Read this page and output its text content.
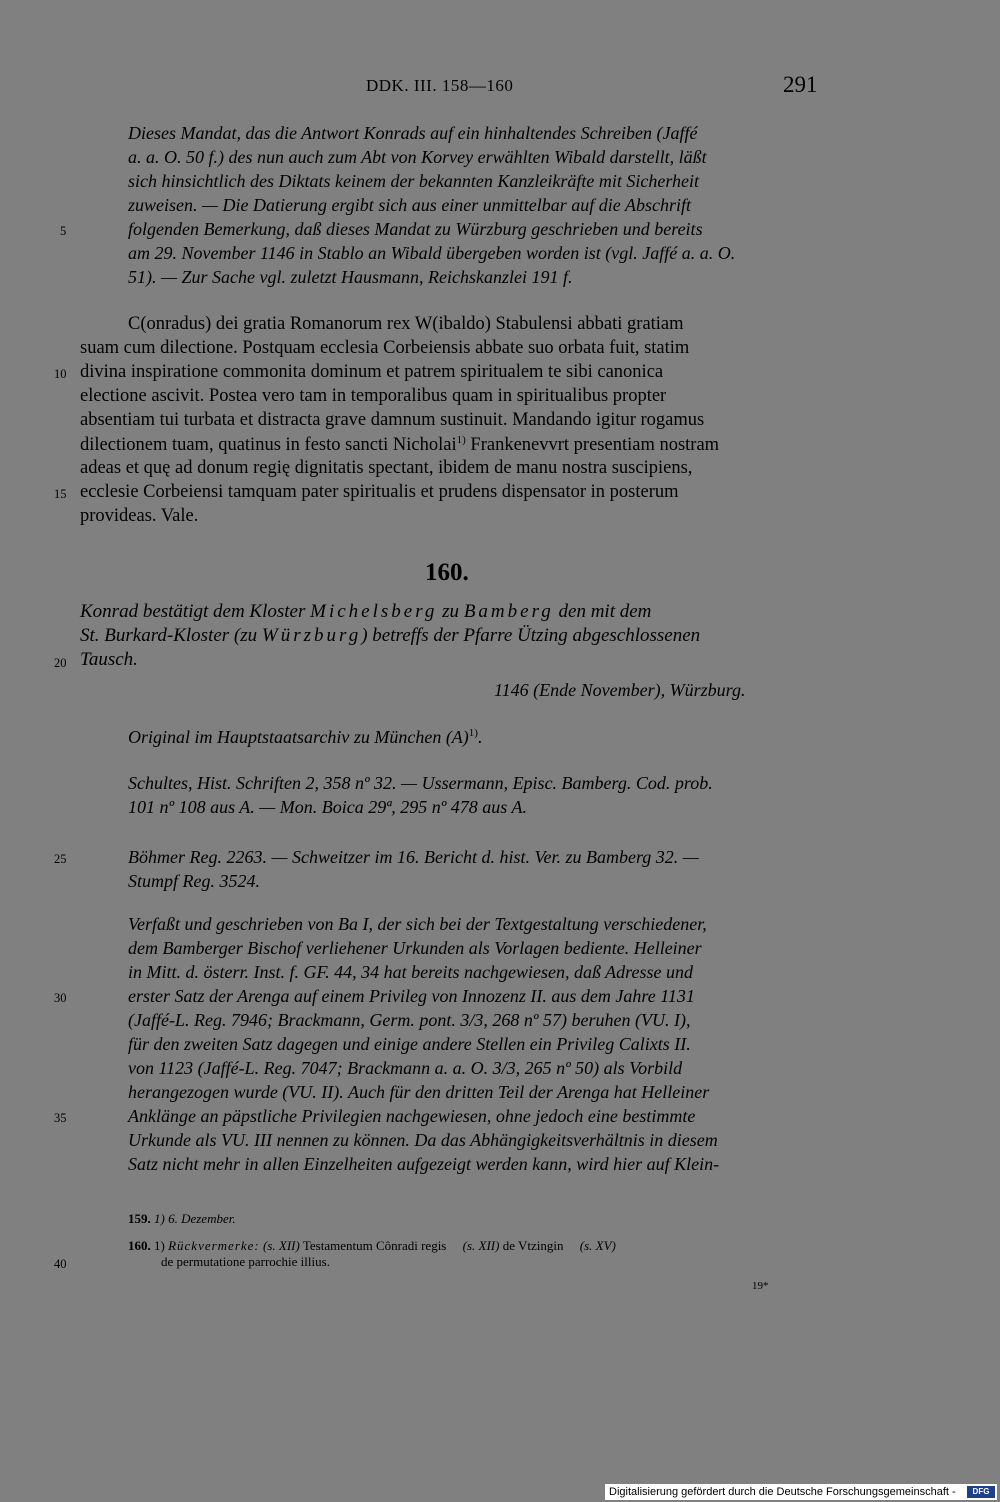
DDK. III. 158—160	291
Dieses Mandat, das die Antwort Konrads auf ein hinhaltendes Schreiben (Jaffé
a. a. O. 50 f.) des nun auch zum Abt von Korvey erwählten Wibald darstellt, läßt
sich hinsichtlich des Diktats keinem der bekannten Kanzleikräfte mit Sicherheit
zuweisen. — Die Datierung ergibt sich aus einer unmittelbar auf die Abschrift
folgenden Bemerkung, daß dieses Mandat zu Würzburg geschrieben und bereits
am 29. November 1146 in Stablo an Wibald übergeben worden ist (vgl. Jaffé a. a. O.
51). — Zur Sache vgl. zuletzt Hausmann, Reichskanzlei 191 f.
C(onradus) dei gratia Romanorum rex W(ibaldo) Stabulensi abbati gratiam
suam cum dilectione. Postquam ecclesia Corbeiensis abbate suo orbata fuit, statim
divina inspiratione commonita dominum et patrem spiritualem te sibi canonica
electione ascivit. Postea vero tam in temporalibus quam in spiritualibus propter
absentiam tui turbata et distracta grave damnum sustinuit. Mandando igitur rogamus
dilectionem tuam, quatinus in festo sancti Nicholai$^{1)}$ Frankenevvrt presentiam nostram
adeas et quę ad donum regię dignitatis spectant, ibidem de manu nostra suscipiens,
ecclesie Corbeiensi tamquam pater spiritualis et prudens dispensator in posterum
provideas. Vale.
160.
Konrad bestätigt dem Kloster Michelsberg zu Bamberg den mit dem
St. Burkard-Kloster (zu Würzburg) betreffs der Pfarre Ützing abgeschlossenen
Tausch.
1146 (Ende November), Würzburg.
Original im Hauptstaatsarchiv zu München $(A)^{1)}$.
Schultes, Hist. Schriften 2, 358 nº 32. — Ussermann, Episc. Bamberg. Cod. prob.
101 nº 108 aus A. — Mon. Boica 29ª, 295 nº 478 aus A.
Böhmer Reg. 2263. — Schweitzer im 16. Bericht d. hist. Ver. zu Bamberg 32. —
Stumpf Reg. 3524.
Verfaßt und geschrieben von Ba I, der sich bei der Textgestaltung verschiedener,
dem Bamberger Bischof verliehener Urkunden als Vorlagen bediente. Helleiner
in Mitt. d. österr. Inst. f. GF. 44, 34 hat bereits nachgewiesen, daß Adresse und
erster Satz der Arenga auf einem Privileg von Innozenz II. aus dem Jahre 1131
(Jaffé-L. Reg. 7946; Brackmann, Germ. pont. 3/3, 268 nº 57) beruhen (VU. I),
für den zweiten Satz dagegen und einige andere Stellen ein Privileg Calixts II.
von 1123 (Jaffé-L. Reg. 7047; Brackmann a. a. O. 3/3, 265 nº 50) als Vorbild
herangezogen wurde (VU. II). Auch für den dritten Teil der Arenga hat Helleiner
Anklänge an päpstliche Privilegien nachgewiesen, ohne jedoch eine bestimmte
Urkunde als VU. III nennen zu können. Da das Abhängigkeitsverhältnis in diesem
Satz nicht mehr in allen Einzelheiten aufgezeigt werden kann, wird hier auf Klein-
159. 1) 6. Dezember.
160. 1) Rückvermerke: (s. XII) Testamentum Cônradi regis (s. XII) de Vtzingin (s. XV)
de permutatione parrochie illius.
19*
5
10
15
20
25
30
35
40
Digitalisierung gefördert durch die Deutsche Forschungsgemeinschaft -	DFG
